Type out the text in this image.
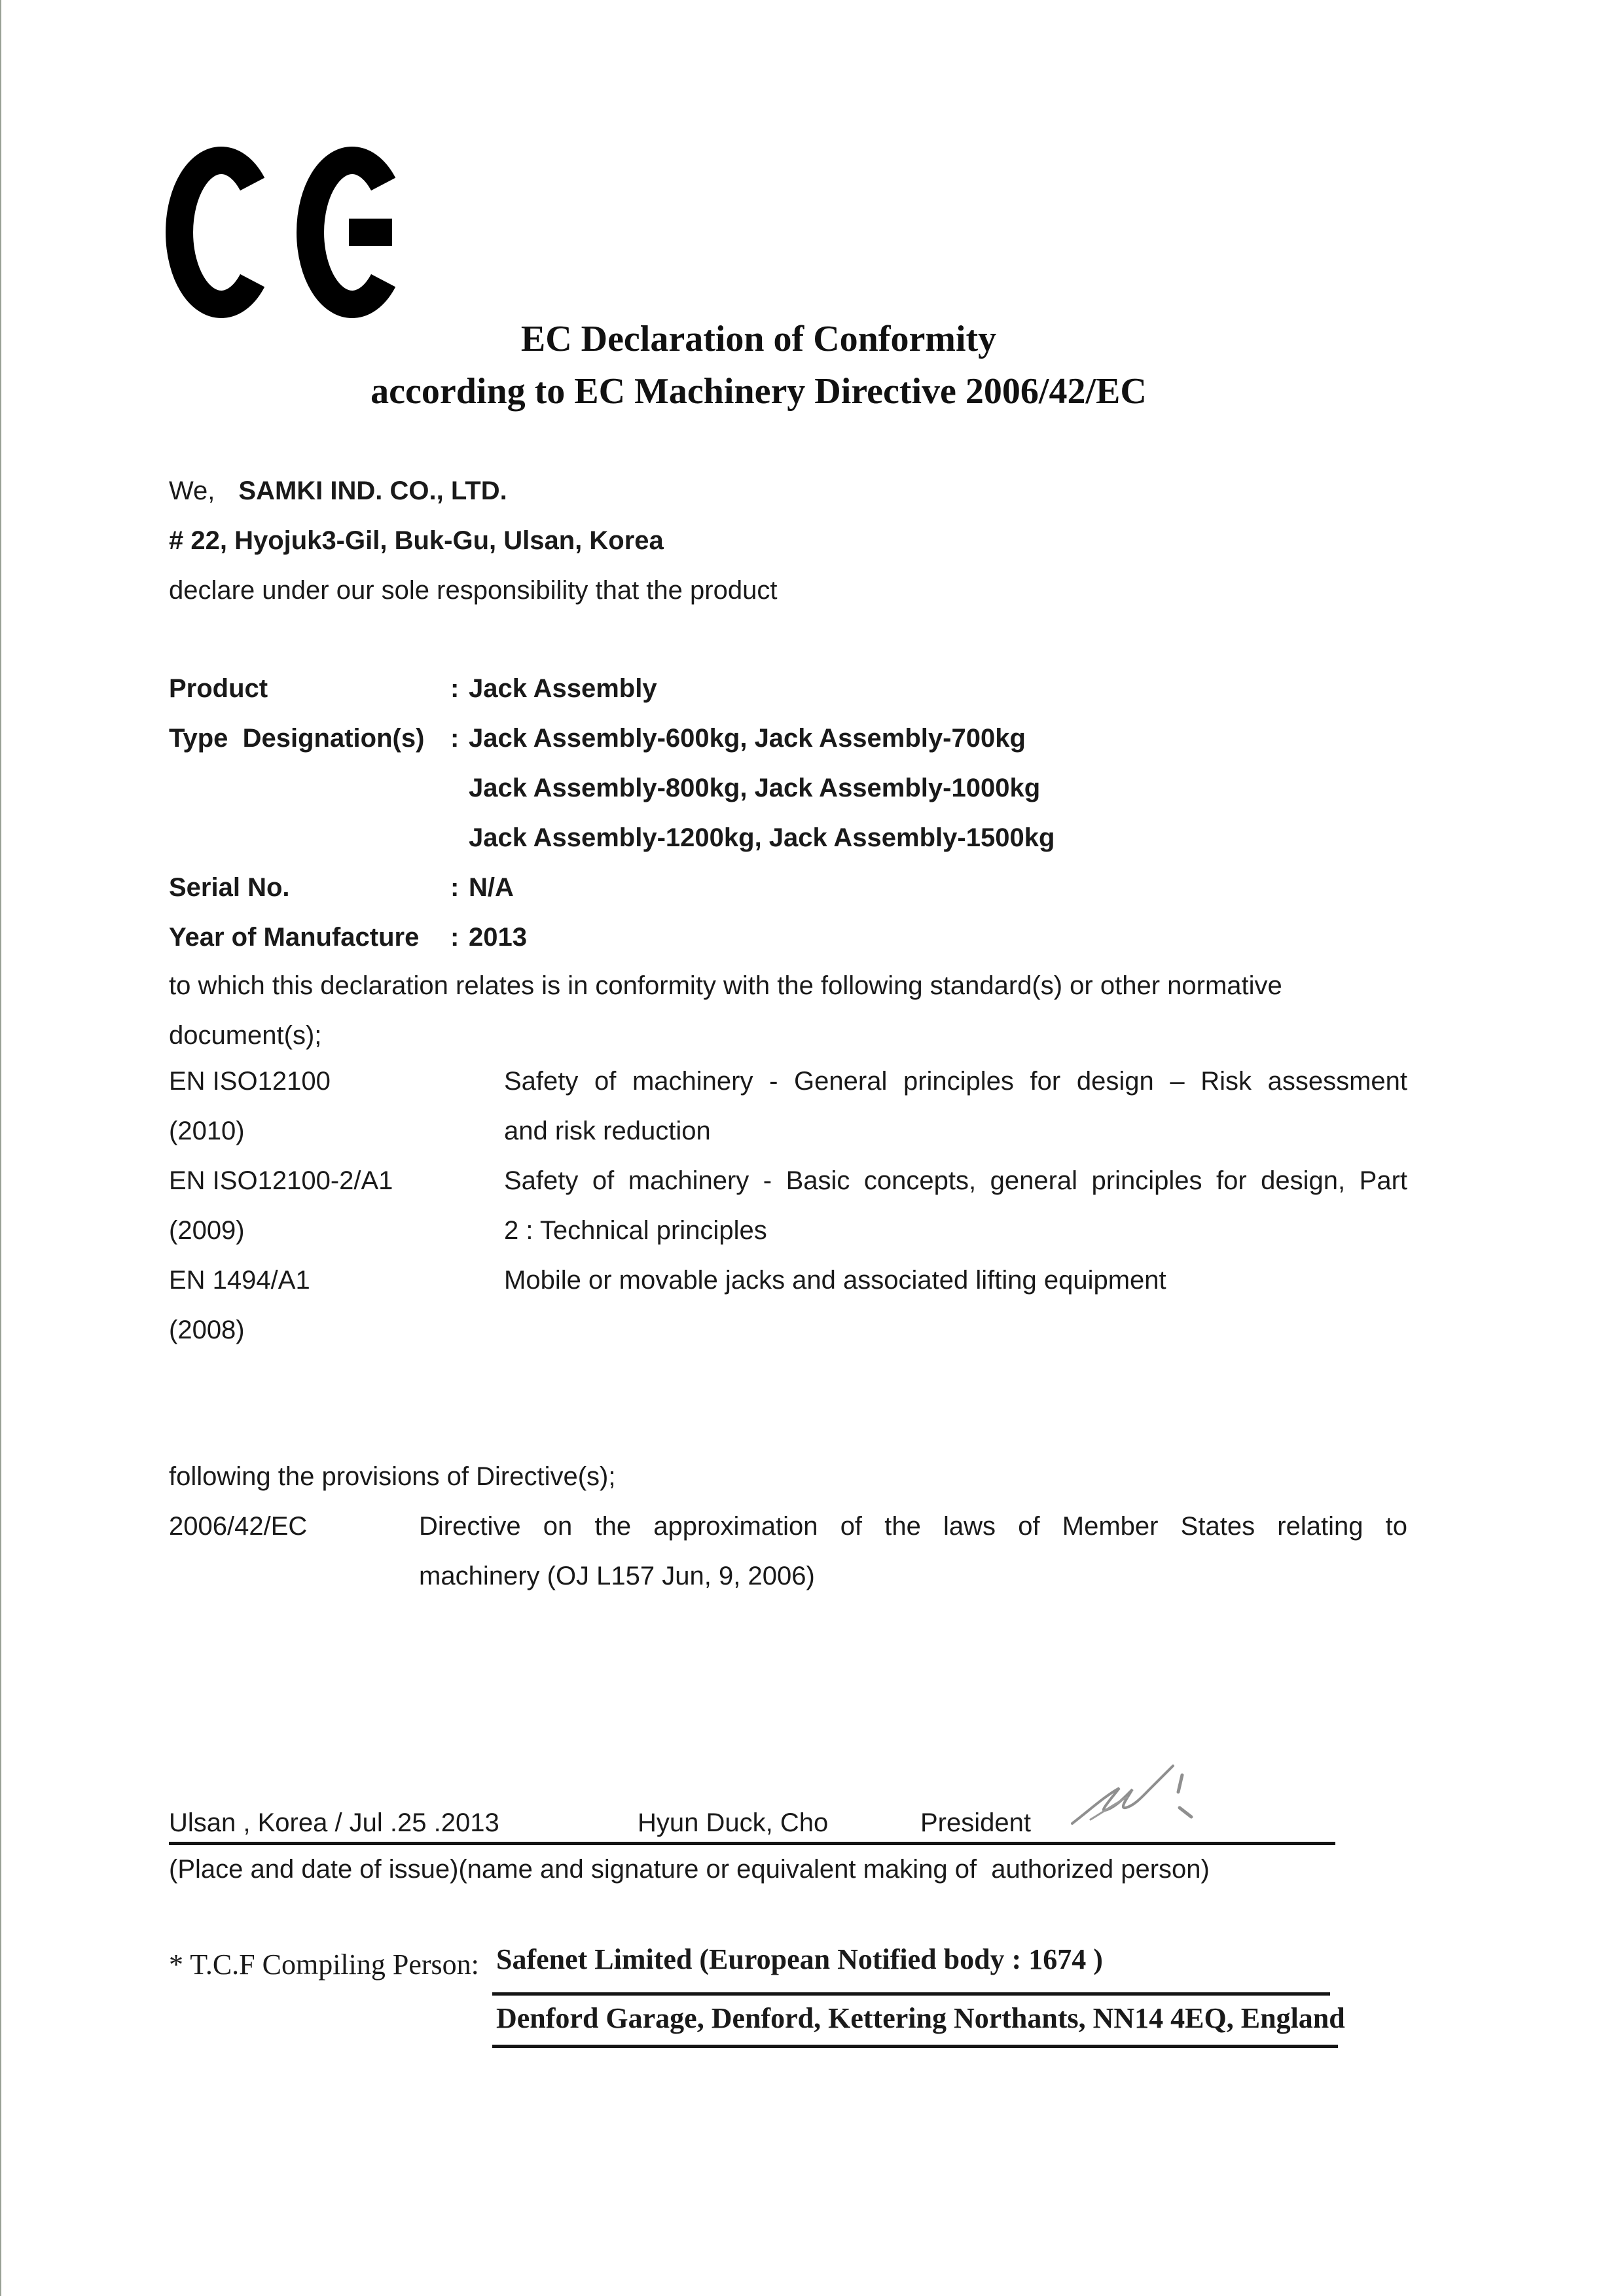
EC Declaration of Conformity
according to EC Machinery Directive 2006/42/EC
We, SAMKI IND. CO., LTD.
# 22, Hyojuk3-Gil, Buk-Gu, Ulsan, Korea
declare under our sole responsibility that the product
Product	: Jack Assembly
Type  Designation(s) : Jack Assembly-600kg, Jack Assembly-700kg
Jack Assembly-800kg, Jack Assembly-1000kg
Jack Assembly-1200kg, Jack Assembly-1500kg
Serial No.	: N/A
Year of Manufacture	: 2013
to which this declaration relates is in conformity with the following standard(s) or other normative
document(s);
EN ISO12100	Safety of machinery - General principles for design – Risk assessment
(2010)	and risk reduction
EN ISO12100-2/A1	Safety of machinery - Basic concepts, general principles for design, Part
(2009)	2 : Technical principles
EN 1494/A1	Mobile or movable jacks and associated lifting equipment
(2008)
following the provisions of Directive(s);
2006/42/EC	Directive on the approximation of the laws of Member States relating to
machinery (OJ L157 Jun, 9, 2006)
Ulsan , Korea / Jul .25 .2013	Hyun Duck, Cho	President
(Place and date of issue)(name and signature or equivalent making of  authorized person)
* T.C.F Compiling Person: Safenet Limited (European Notified body : 1674 )
Denford Garage, Denford, Kettering Northants, NN14 4EQ, England
